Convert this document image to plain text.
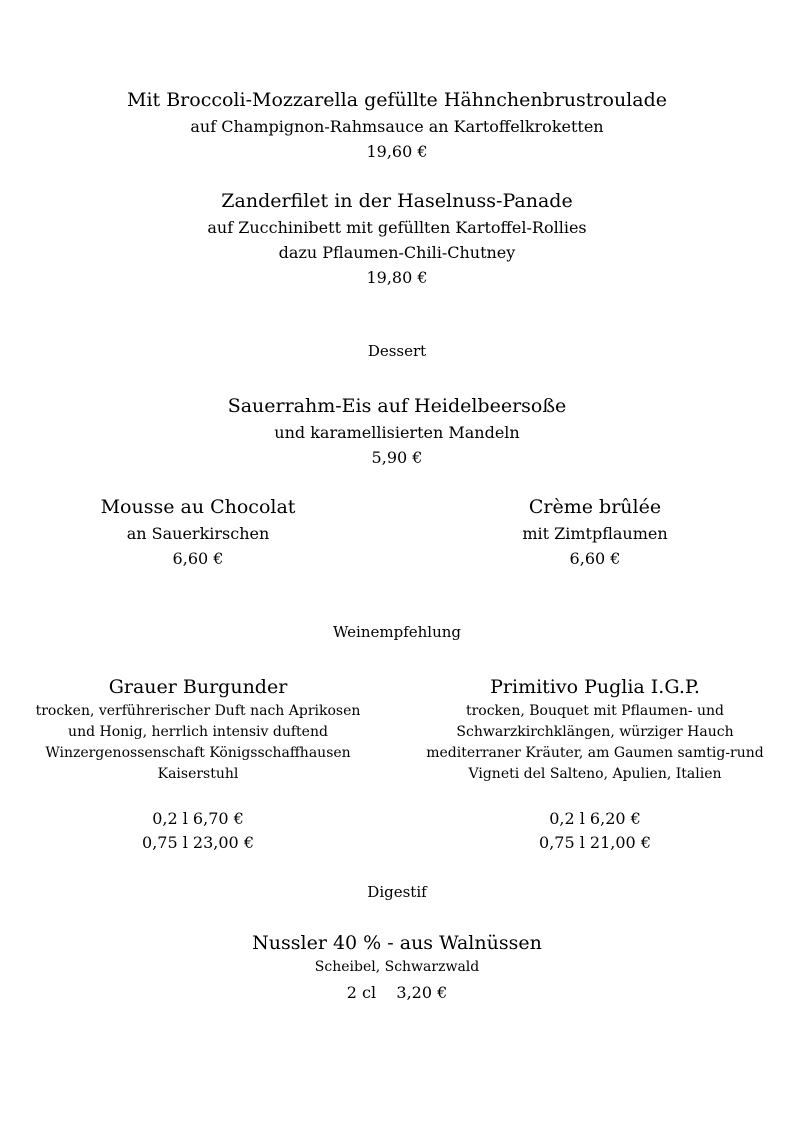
Mit Broccoli-Mozzarella gefüllte Hähnchenbrustroulade
auf Champignon-Rahmsauce an Kartoffelkroketten
19,60 €
Zanderfilet in der Haselnuss-Panade
auf Zucchinibett mit gefüllten Kartoffel-Rollies
dazu Pflaumen-Chili-Chutney
19,80 €
Dessert
Sauerrahm-Eis auf Heidelbeersoße
und karamellisierten Mandeln
5,90 €
Mousse au Chocolat
an Sauerkirschen
6,60 €
Crème brûlée
mit Zimtpflaumen
6,60 €
Weinempfehlung
Grauer Burgunder
trocken, verführerischer Duft nach Aprikosen
und Honig, herrlich intensiv duftend
Winzergenossenschaft Königsschaffhausen
Kaiserstuhl
0,2 l 6,70 €
0,75 l 23,00 €
Primitivo Puglia I.G.P.
trocken, Bouquet mit Pflaumen- und
Schwarzkirchklängen, würziger Hauch
mediterraner Kräuter, am Gaumen samtig-rund
Vigneti del Salteno, Apulien, Italien
0,2 l 6,20 €
0,75 l 21,00 €
Digestif
Nussler 40 % - aus Walnüssen
Scheibel, Schwarzwald
2 cl    3,20 €
